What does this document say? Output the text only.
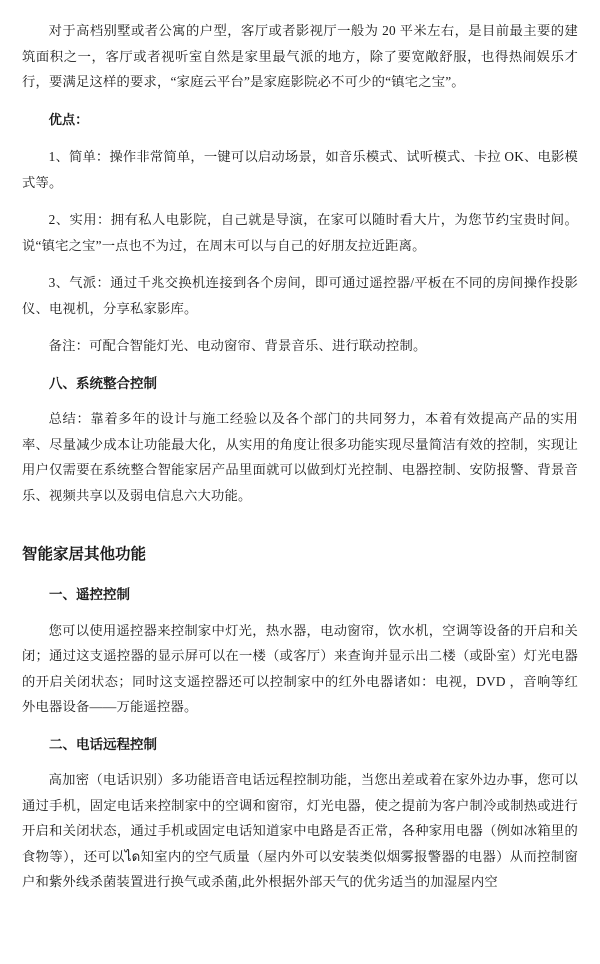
对于高档别墅或者公寓的户型，客厅或者影视厅一般为 20 平米左右，是目前最主要的建筑面积之一，客厅或者视听室自然是家里最气派的地方，除了要宽敞舒服，也得热闹娱乐才行，要满足这样的要求，“家庭云平台”是家庭影院必不可少的“镇宅之宝”。

优点：

1、简单：操作非常简单，一键可以启动场景，如音乐模式、试听模式、卡拉 OK、电影模式等。

2、实用：拥有私人电影院，自己就是导演，在家可以随时看大片，为您节约宝贵时间。说“镇宅之宝”一点也不为过，在周末可以与自己的好朋友拉近距离。

3、气派：通过千兆交换机连接到各个房间，即可通过遥控器/平板在不同的房间操作投影仪、电视机，分享私家影库。

备注：可配合智能灯光、电动窗帘、背景音乐、进行联动控制。

八、系统整合控制

总结：靠着多年的设计与施工经验以及各个部门的共同努力，本着有效提高产品的实用率、尽量减少成本让功能最大化，从实用的角度让很多功能实现尽量简洁有效的控制，实现让用户仅需要在系统整合智能家居产品里面就可以做到灯光控制、电器控制、安防报警、背景音乐、视频共享以及弱电信息六大功能。

智能家居其他功能

一、遥控控制

您可以使用遥控器来控制家中灯光，热水器，电动窗帘，饮水机，空调等设备的开启和关闭；通过这支遥控器的显示屏可以在一楼（或客厅）来查询并显示出二楼（或卧室）灯光电器的开启关闭状态；同时这支遥控器还可以控制家中的红外电器诸如：电视，DVD ，音响等红外电器设备——万能遥控器。

二、电话远程控制

高加密（电话识别）多功能语音电话远程控制功能，当您出差或着在家外边办事，您可以通过手机，固定电话来控制家中的空调和窗帘，灯光电器，使之提前为客户制冷或制热或进行开启和关闭状态，通过手机或固定电话知道家中电路是否正常，各种家用电器（例如冰箱里的食物等），还可以ได知室内的空气质量（屋内外可以安装类似烟雾报警器的电器）从而控制窗户和紫外线杀菌装置进行换气或杀菌,此外根据外部天气的优劣适当的加湿屋内空
